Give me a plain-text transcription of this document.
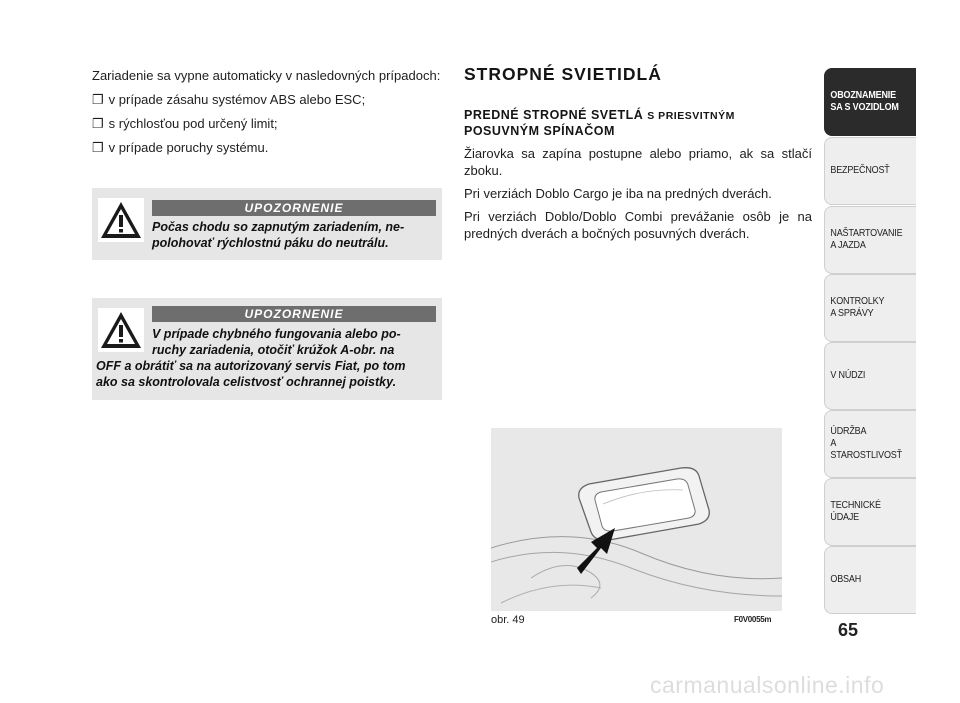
Zariadenie sa vypne automaticky v nasledovných prípadoch:
❒ v prípade zásahu systémov ABS alebo ESC;
❒ s rýchlosťou pod určený limit;
❒ v prípade poruchy systému.
UPOZORNENIE
Počas chodu so zapnutým zariadením, ne-
polohovať rýchlostnú páku do neutrálu.
UPOZORNENIE
V prípade chybného fungovania alebo po-
ruchy zariadenia, otočiť krúžok A-obr. na
OFF a obrátiť sa na autorizovaný servis Fiat, po tom
ako sa skontrolovala celistvosť ochrannej poistky.
STROPNÉ SVIETIDLÁ
PREDNÉ STROPNÉ SVETLÁ S PRIESVITNÝM
POSUVNÝM SPÍNAČOM

Žiarovka sa zapína postupne alebo priamo, ak sa stlačí zboku.

Pri verziách Doblo Cargo je iba na predných dverách.

Pri verziách Doblo/Doblo Combi prevážanie osôb je na predných dverách a bočných posuvných dverách.

obr. 49	F0V0055m
OBOZNAMENIE
SA S VOZIDLOM
BEZPEČNOSŤ
NAŠTARTOVANIE
A JAZDA
KONTROLKY
A SPRÁVY
V NÚDZI
ÚDRŽBA
A STAROSTLIVOSŤ
TECHNICKÉ
ÚDAJE
OBSAH
65
carmanualsonline.info
